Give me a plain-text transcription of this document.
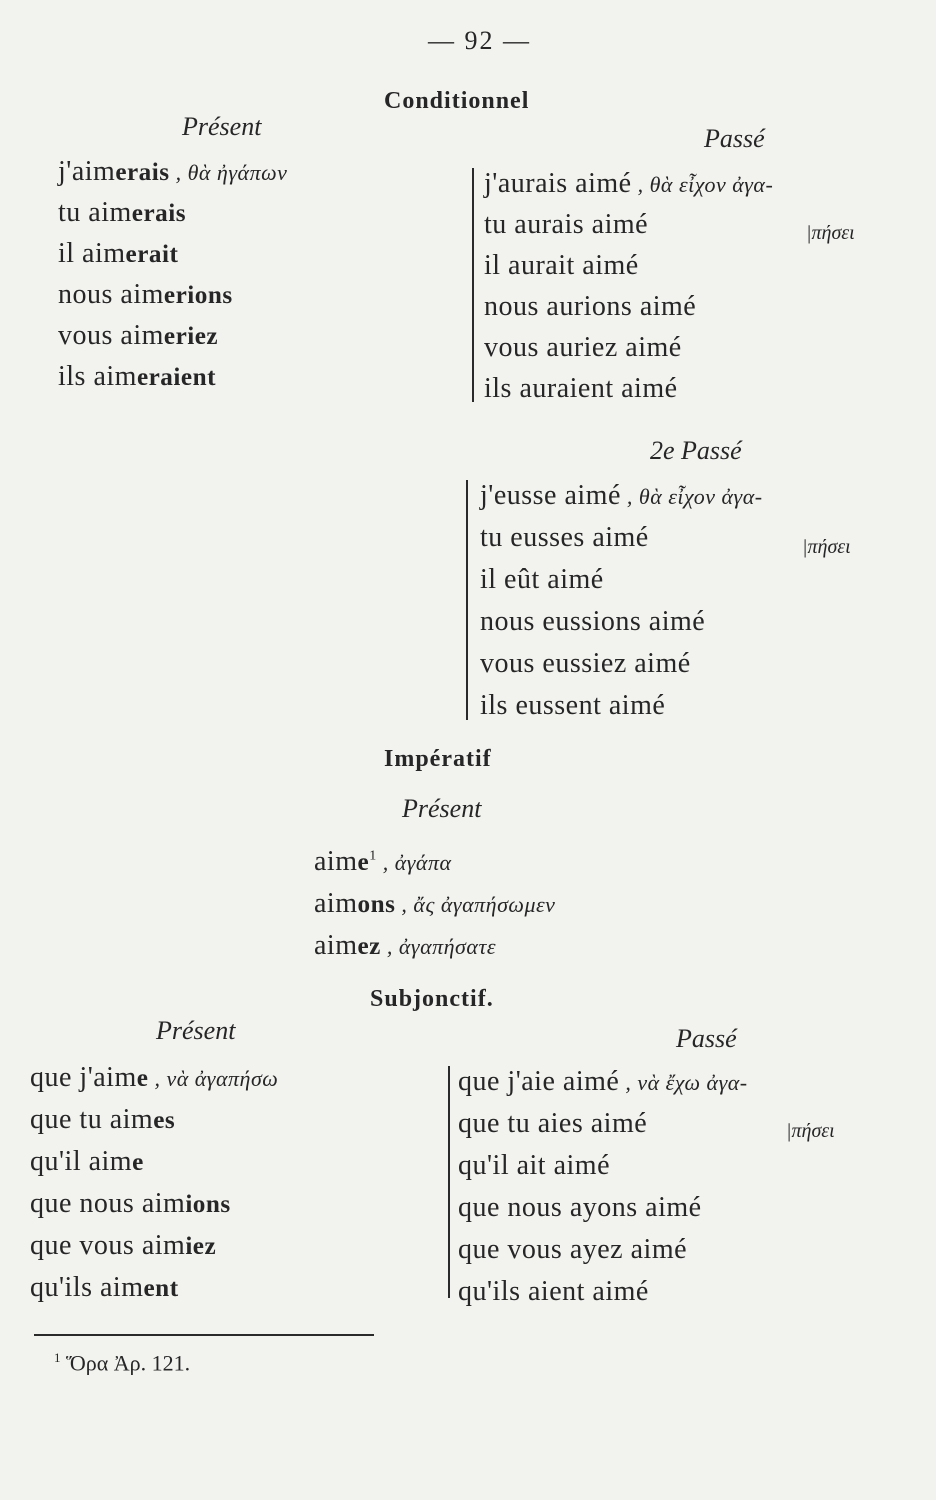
— 92 —
Conditionnel
Présent	Passé
j'aimerais , θὰ ἠγάπων
tu aimerais
il aimerait
nous aimerions
vous aimeriez
ils aimeraient
j'aurais aimé , θὰ εἶχον ἀγα-
tu aurais aimé	|πήσει
il aurait aimé
nous aurions aimé
vous auriez aimé
ils auraient aimé
2e Passé
j'eusse aimé , θὰ εἶχον ἀγα-
tu eusses aimé	|πήσει
il eût aimé
nous eussions aimé
vous eussiez aimé
ils eussent aimé
Impératif
Présent
aime$^1$ , ἀγάπα
aimons , ἄς ἀγαπήσωμεν
aimez , ἀγαπήσατε
Subjonctif.
Présent	Passé
que j'aime , νὰ ἀγαπήσω
que tu aimes
qu'il aime
que nous aimions
que vous aimiez
qu'ils aiment
que j'aie aimé , νὰ ἔχω ἀγα-
que tu aies aimé	|πήσει
qu'il ait aimé
que nous ayons aimé
que vous ayez aimé
qu'ils aient aimé
$^1$ Ὅρα Ἀρ. 121.
